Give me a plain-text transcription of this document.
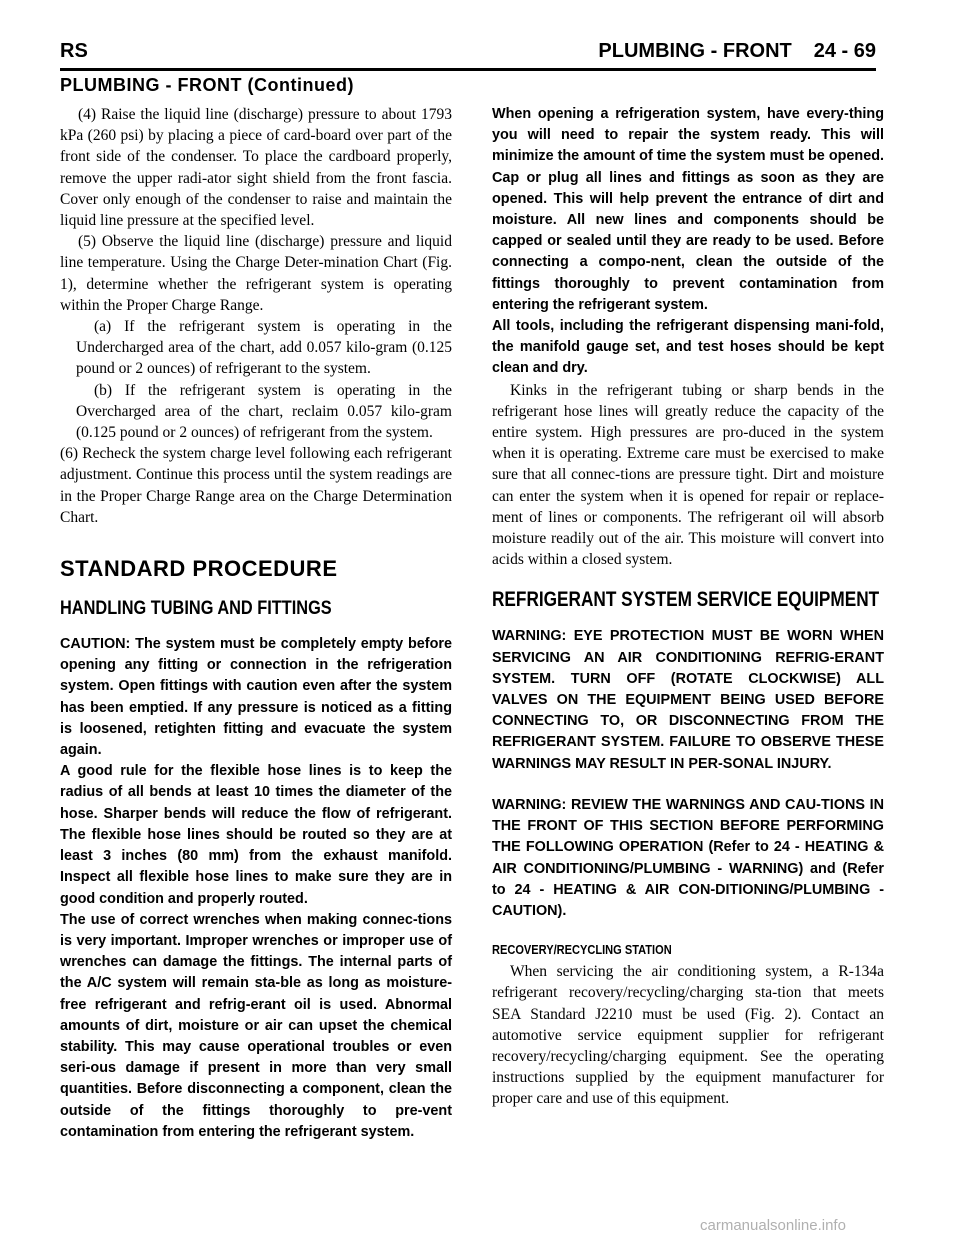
RS	PLUMBING - FRONT 24 - 69
PLUMBING - FRONT (Continued)

(4) Raise the liquid line (discharge) pressure to about 1793 kPa (260 psi) by placing a piece of card-board over part of the front side of the condenser. To place the cardboard properly, remove the upper radi-ator sight shield from the front fascia. Cover only enough of the condenser to raise and maintain the liquid line pressure at the specified level.

(5) Observe the liquid line (discharge) pressure and liquid line temperature. Using the Charge Deter-mination Chart (Fig. 1), determine whether the refrigerant system is operating within the Proper Charge Range.

(a) If the refrigerant system is operating in the Undercharged area of the chart, add 0.057 kilo-gram (0.125 pound or 2 ounces) of refrigerant to the system.

(b) If the refrigerant system is operating in the Overcharged area of the chart, reclaim 0.057 kilo-gram (0.125 pound or 2 ounces) of refrigerant from the system.

(6) Recheck the system charge level following each refrigerant adjustment. Continue this process until the system readings are in the Proper Charge Range area on the Charge Determination Chart.

STANDARD PROCEDURE
HANDLING TUBING AND FITTINGS

CAUTION: The system must be completely empty before opening any fitting or connection in the refrigeration system. Open fittings with caution even after the system has been emptied. If any pressure is noticed as a fitting is loosened, retighten fitting and evacuate the system again.

A good rule for the flexible hose lines is to keep the radius of all bends at least 10 times the diameter of the hose. Sharper bends will reduce the flow of refrigerant. The flexible hose lines should be routed so they are at least 3 inches (80 mm) from the exhaust manifold. Inspect all flexible hose lines to make sure they are in good condition and properly routed.

The use of correct wrenches when making connec-tions is very important. Improper wrenches or improper use of wrenches can damage the fittings. The internal parts of the A/C system will remain sta-ble as long as moisture-free refrigerant and refrig-erant oil is used. Abnormal amounts of dirt, moisture or air can upset the chemical stability. This may cause operational troubles or even seri-ous damage if present in more than very small quantities. Before disconnecting a component, clean the outside of the fittings thoroughly to pre-vent contamination from entering the refrigerant system.

When opening a refrigeration system, have every-thing you will need to repair the system ready. This will minimize the amount of time the system must be opened. Cap or plug all lines and fittings as soon as they are opened. This will help prevent the entrance of dirt and moisture. All new lines and components should be capped or sealed until they are ready to be used. Before connecting a compo-nent, clean the outside of the fittings thoroughly to prevent contamination from entering the refrigerant system.

All tools, including the refrigerant dispensing mani-fold, the manifold gauge set, and test hoses should be kept clean and dry.

Kinks in the refrigerant tubing or sharp bends in the refrigerant hose lines will greatly reduce the capacity of the entire system. High pressures are pro-duced in the system when it is operating. Extreme care must be exercised to make sure that all connec-tions are pressure tight. Dirt and moisture can enter the system when it is opened for repair or replace-ment of lines or components. The refrigerant oil will absorb moisture readily out of the air. This moisture will convert into acids within a closed system.

REFRIGERANT SYSTEM SERVICE EQUIPMENT

WARNING: EYE PROTECTION MUST BE WORN WHEN SERVICING AN AIR CONDITIONING REFRIG-ERANT SYSTEM. TURN OFF (ROTATE CLOCKWISE) ALL VALVES ON THE EQUIPMENT BEING USED BEFORE CONNECTING TO, OR DISCONNECTING FROM THE REFRIGERANT SYSTEM. FAILURE TO OBSERVE THESE WARNINGS MAY RESULT IN PER-SONAL INJURY.

WARNING: REVIEW THE WARNINGS AND CAU-TIONS IN THE FRONT OF THIS SECTION BEFORE PERFORMING THE FOLLOWING OPERATION (Refer to 24 - HEATING & AIR CONDITIONING/PLUMBING - WARNING) and (Refer to 24 - HEATING & AIR CON-DITIONING/PLUMBING - CAUTION).

RECOVERY/RECYCLING STATION

When servicing the air conditioning system, a R-134a refrigerant recovery/recycling/charging sta-tion that meets SEA Standard J2210 must be used (Fig. 2). Contact an automotive service equipment supplier for refrigerant recovery/recycling/charging equipment. See the operating instructions supplied by the equipment manufacturer for proper care and use of this equipment.

carmanualsonline.info
